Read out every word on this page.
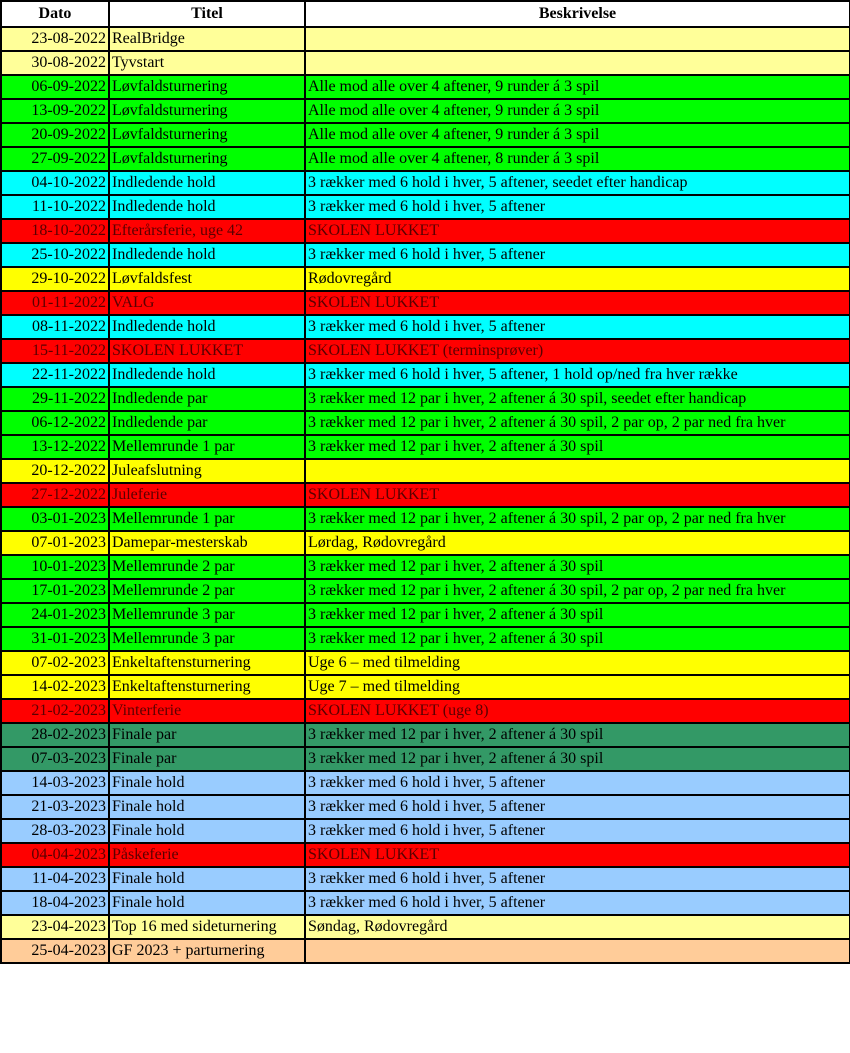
Dato	Titel	Beskrivelse
23-08-2022	RealBridge	
30-08-2022	Tyvstart	
06-09-2022	Løvfaldsturnering	Alle mod alle over 4 aftener, 9 runder á 3 spil
13-09-2022	Løvfaldsturnering	Alle mod alle over 4 aftener, 9 runder á 3 spil
20-09-2022	Løvfaldsturnering	Alle mod alle over 4 aftener, 9 runder á 3 spil
27-09-2022	Løvfaldsturnering	Alle mod alle over 4 aftener, 8 runder á 3 spil
04-10-2022	Indledende hold	3 rækker med 6 hold i hver, 5 aftener, seedet efter handicap
11-10-2022	Indledende hold	3 rækker med 6 hold i hver, 5 aftener
18-10-2022	Efterårsferie, uge 42	SKOLEN LUKKET
25-10-2022	Indledende hold	3 rækker med 6 hold i hver, 5 aftener
29-10-2022	Løvfaldsfest	Rødovregård
01-11-2022	VALG	SKOLEN LUKKET
08-11-2022	Indledende hold	3 rækker med 6 hold i hver, 5 aftener
15-11-2022	SKOLEN LUKKET	SKOLEN LUKKET (terminsprøver)
22-11-2022	Indledende hold	3 rækker med 6 hold i hver, 5 aftener, 1 hold op/ned fra hver række
29-11-2022	Indledende par	3 rækker med 12 par i hver, 2 aftener á 30 spil, seedet efter handicap
06-12-2022	Indledende par	3 rækker med 12 par i hver, 2 aftener á 30 spil, 2 par op, 2 par ned fra hver
13-12-2022	Mellemrunde 1 par	3 rækker med 12 par i hver, 2 aftener á 30 spil
20-12-2022	Juleafslutning	
27-12-2022	Juleferie	SKOLEN LUKKET
03-01-2023	Mellemrunde 1 par	3 rækker med 12 par i hver, 2 aftener á 30 spil, 2 par op, 2 par ned fra hver
07-01-2023	Damepar-mesterskab	Lørdag, Rødovregård
10-01-2023	Mellemrunde 2 par	3 rækker med 12 par i hver, 2 aftener á 30 spil
17-01-2023	Mellemrunde 2 par	3 rækker med 12 par i hver, 2 aftener á 30 spil, 2 par op, 2 par ned fra hver
24-01-2023	Mellemrunde 3 par	3 rækker med 12 par i hver, 2 aftener á 30 spil
31-01-2023	Mellemrunde 3 par	3 rækker med 12 par i hver, 2 aftener á 30 spil
07-02-2023	Enkeltaftensturnering	Uge 6 – med tilmelding
14-02-2023	Enkeltaftensturnering	Uge 7 – med tilmelding
21-02-2023	Vinterferie	SKOLEN LUKKET (uge 8)
28-02-2023	Finale par	3 rækker med 12 par i hver, 2 aftener á 30 spil
07-03-2023	Finale par	3 rækker med 12 par i hver, 2 aftener á 30 spil
14-03-2023	Finale hold	3 rækker med 6 hold i hver, 5 aftener
21-03-2023	Finale hold	3 rækker med 6 hold i hver, 5 aftener
28-03-2023	Finale hold	3 rækker med 6 hold i hver, 5 aftener
04-04-2023	Påskeferie	SKOLEN LUKKET
11-04-2023	Finale hold	3 rækker med 6 hold i hver, 5 aftener
18-04-2023	Finale hold	3 rækker med 6 hold i hver, 5 aftener
23-04-2023	Top 16 med sideturnering	Søndag, Rødovregård
25-04-2023	GF 2023 + parturnering	
